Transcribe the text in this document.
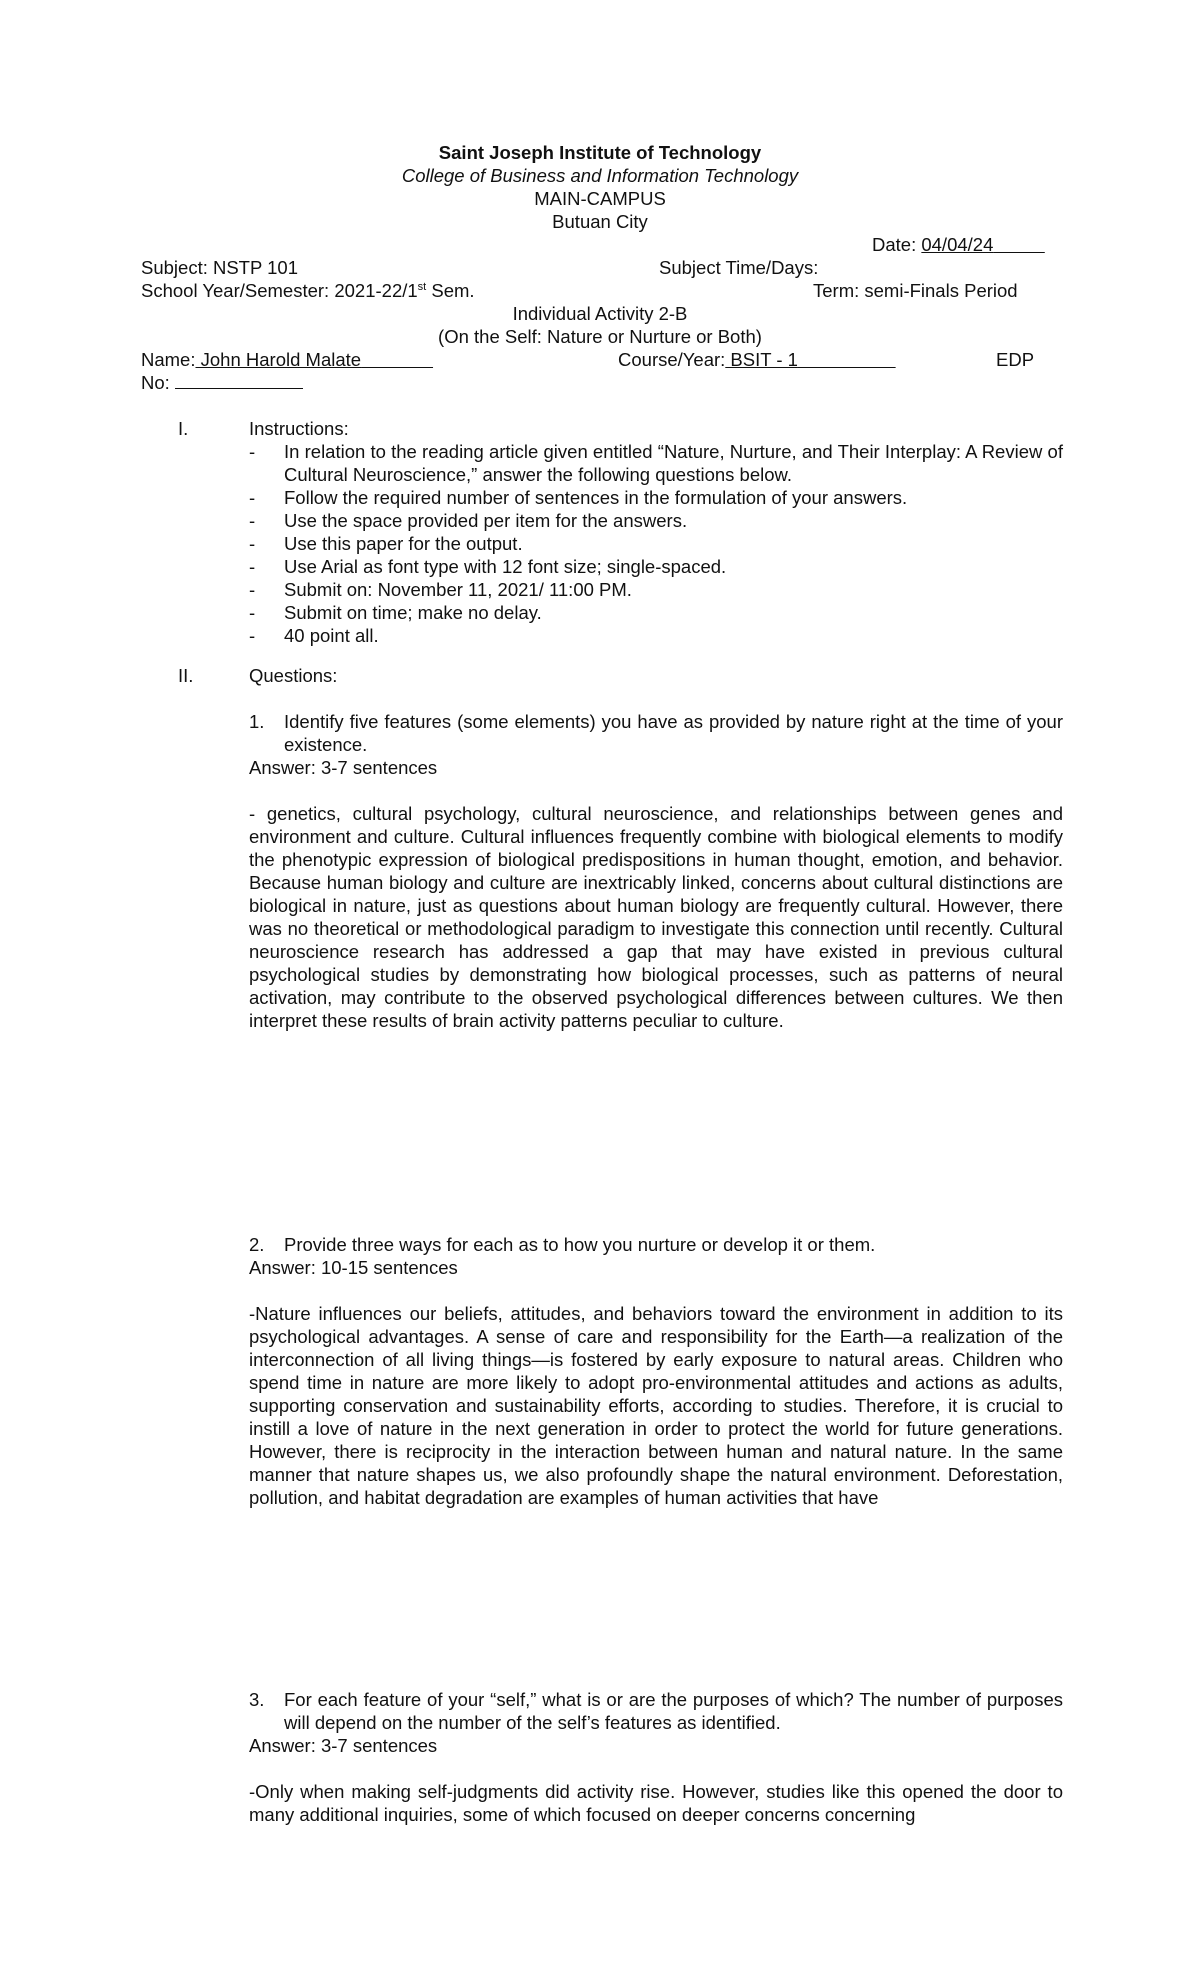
Saint Joseph Institute of Technology
College of Business and Information Technology
MAIN-CAMPUS
Butuan City
Date: 04/04/24
Subject: NSTP 101	Subject Time/Days:
School Year/Semester: 2021-22/1st Sem.	Term: semi-Finals Period
Individual Activity 2-B
(On the Self: Nature or Nurture or Both)
Name: John Harold Malate	Course/Year: BSIT - 1	EDP
No:
I.	Instructions:
- In relation to the reading article given entitled “Nature, Nurture, and Their Interplay: A Review of Cultural Neuroscience,” answer the following questions below.
- Follow the required number of sentences in the formulation of your answers.
- Use the space provided per item for the answers.
- Use this paper for the output.
- Use Arial as font type with 12 font size; single-spaced.
- Submit on: November 11, 2021/ 11:00 PM.
- Submit on time; make no delay.
- 40 point all.
II.	Questions:
1. Identify five features (some elements) you have as provided by nature right at the time of your existence.
Answer: 3-7 sentences

- genetics, cultural psychology, cultural neuroscience, and relationships between genes and environment and culture. Cultural influences frequently combine with biological elements to modify the phenotypic expression of biological predispositions in human thought, emotion, and behavior. Because human biology and culture are inextricably linked, concerns about cultural distinctions are biological in nature, just as questions about human biology are frequently cultural. However, there was no theoretical or methodological paradigm to investigate this connection until recently. Cultural neuroscience research has addressed a gap that may have existed in previous cultural psychological studies by demonstrating how biological processes, such as patterns of neural activation, may contribute to the observed psychological differences between cultures. We then interpret these results of brain activity patterns peculiar to culture.

2. Provide three ways for each as to how you nurture or develop it or them.
Answer: 10-15 sentences

-Nature influences our beliefs, attitudes, and behaviors toward the environment in addition to its psychological advantages. A sense of care and responsibility for the Earth—a realization of the interconnection of all living things—is fostered by early exposure to natural areas. Children who spend time in nature are more likely to adopt pro-environmental attitudes and actions as adults, supporting conservation and sustainability efforts, according to studies. Therefore, it is crucial to instill a love of nature in the next generation in order to protect the world for future generations. However, there is reciprocity in the interaction between human and natural nature. In the same manner that nature shapes us, we also profoundly shape the natural environment. Deforestation, pollution, and habitat degradation are examples of human activities that have

3. For each feature of your “self,” what is or are the purposes of which? The number of purposes will depend on the number of the self’s features as identified.
Answer: 3-7 sentences

-Only when making self-judgments did activity rise. However, studies like this opened the door to many additional inquiries, some of which focused on deeper concerns concerning
